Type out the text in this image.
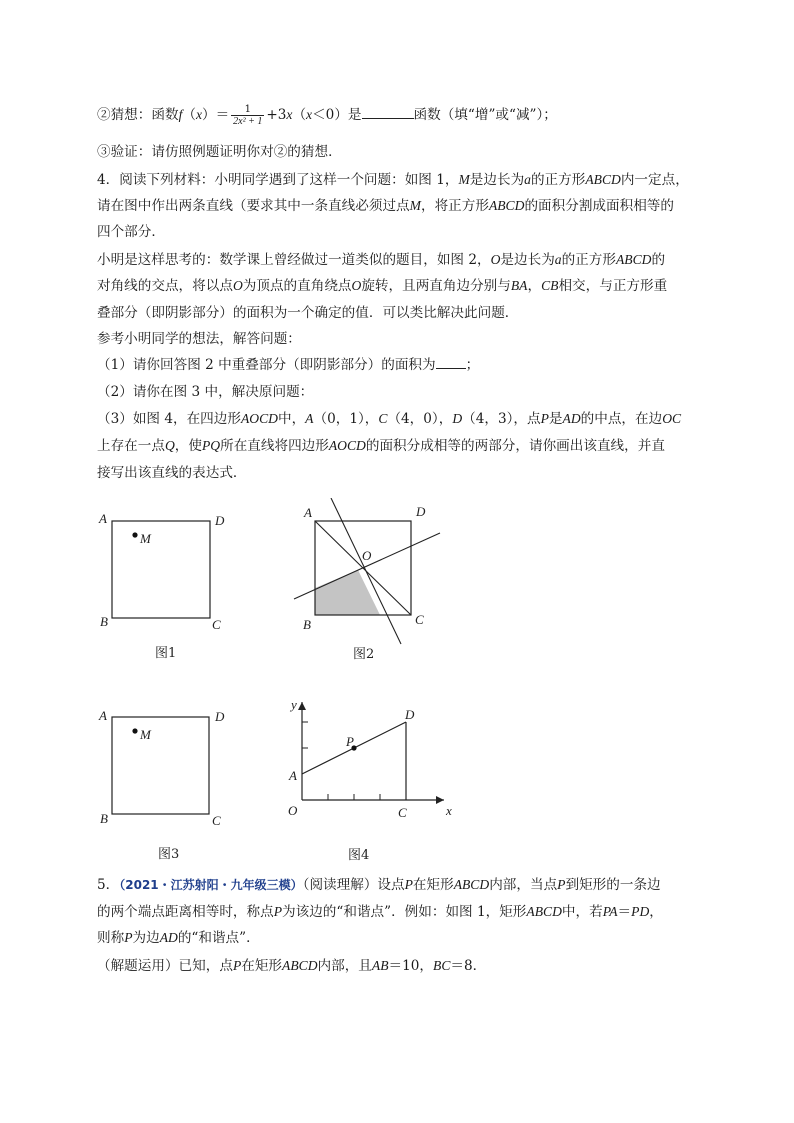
②猜想：函数$f(x)= \frac{1}{\text{2x² + 1}} +3x(x<0)$是	函数（填“增”或“减”）；
③验证：请仿照例题证明你对②的猜想．
4．阅读下列材料：小明同学遇到了这样一个问题：如图 1，M是边长为a的正方形ABCD内一定点，
请在图中作出两条直线（要求其中一条直线必须过点M，将正方形ABCD的面积分割成面积相等的
四个部分．
小明是这样思考的：数学课上曾经做过一道类似的题目，如图 2，O是边长为a的正方形ABCD的
对角线的交点，将以点O为顶点的直角绕点O旋转，且两直角边分别与BA，CB相交，与正方形重
叠部分（即阴影部分）的面积为一个确定的值．可以类比解决此问题．
参考小明同学的想法，解答问题：
（1）请你回答图 2 中重叠部分（即阴影部分）的面积为 ；
（2）请你在图 3 中，解决原问题：
（3）如图 4，在四边形AOCD中，A（0，1），C（4，0），D（4，3），点P是AD的中点，在边OC
上存在一点Q，使PQ所在直线将四边形AOCD的面积分成相等的两部分，请你画出该直线，并直
接写出该直线的表达式．
A	D
B	C
M
图1
A	D
B	C
O
图2
A	D
B	C
M
图3
y
x
O
A
C
D
P
图4
5．（2021・江苏射阳・九年级三模）（阅读理解）设点P在矩形ABCD内部，当点P到矩形的一条边
的两个端点距离相等时，称点P为该边的“和谐点”．例如：如图 1，矩形ABCD中，若PA＝PD，
则称P为边AD的“和谐点”．
（解题运用）已知，点P在矩形ABCD内部，且AB＝10，BC＝8．
